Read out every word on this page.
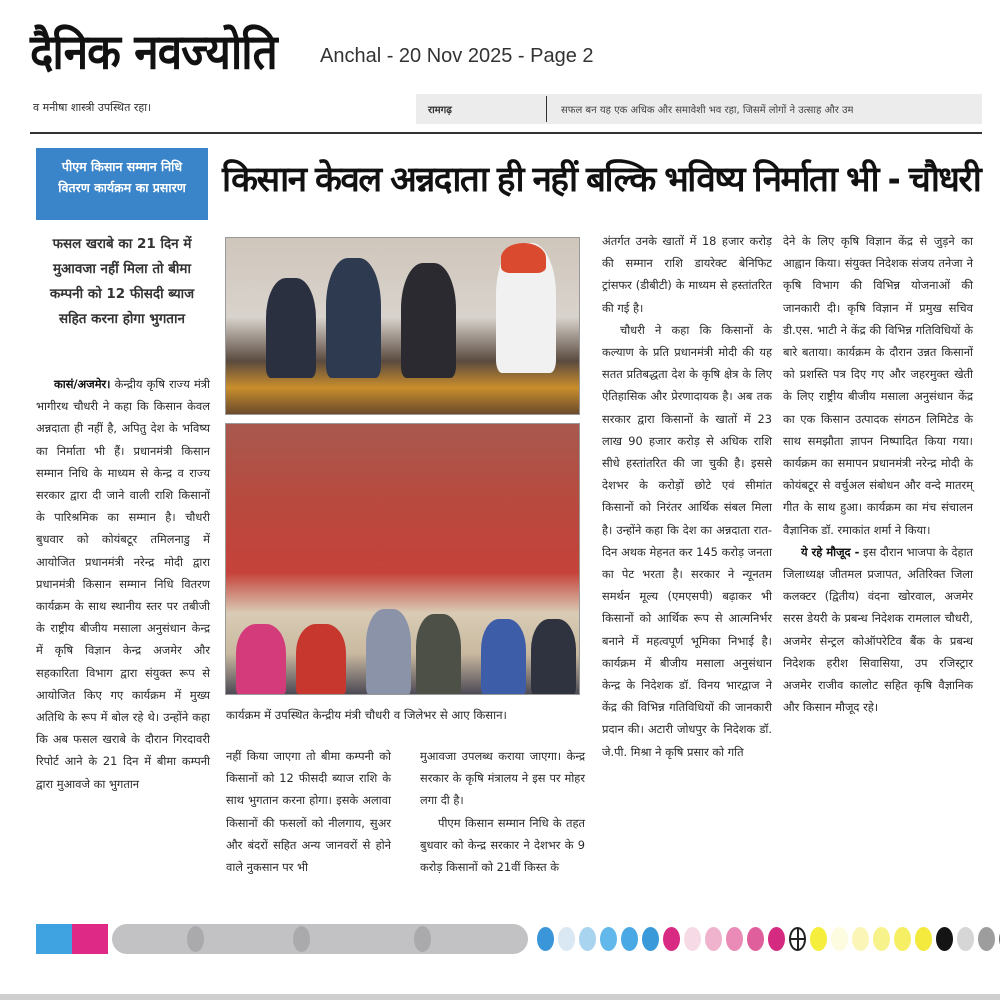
दैनिक नवज्योति Anchal - 20 Nov 2025 - Page 2
व मनीषा शास्त्री उपस्थित रहा।	रामगढ़	सफल बन यह एक अधिक और समावेशी भव रहा, जिसमें लोगों ने उत्साह और उम
पीएम किसान सम्मान निधि
वितरण कार्यक्रम का प्रसारण	किसान केवल अन्नदाता ही नहीं बल्कि भविष्य निर्माता भी - चौधरी
फसल खराबे का 21 दिन में मुआवजा नहीं मिला तो बीमा कम्पनी को 12 फीसदी ब्याज सहित करना होगा भुगतान

कासं/अजमेर। केन्द्रीय कृषि राज्य मंत्री भागीरथ चौधरी ने कहा कि किसान केवल अन्नदाता ही नहीं है, अपितु देश के भविष्य का निर्माता भी हैं। प्रधानमंत्री किसान सम्मान निधि के माध्यम से केन्द्र व राज्य सरकार द्वारा दी जाने वाली राशि किसानों के पारिश्रमिक का सम्मान है। चौधरी बुधवार को कोयंबटूर तमिलनाडु में आयोजित प्रधानमंत्री नरेन्द्र मोदी द्वारा प्रधानमंत्री किसान सम्मान निधि वितरण कार्यक्रम के साथ स्थानीय स्तर पर तबीजी के राष्ट्रीय बीजीय मसाला अनुसंधान केन्द्र में कृषि विज्ञान केन्द्र अजमेर और सहकारिता विभाग द्वारा संयुक्त रूप से आयोजित किए गए कार्यक्रम में मुख्य अतिथि के रूप में बोल रहे थे। उन्होंने कहा कि अब फसल खराबे के दौरान गिरदावरी रिपोर्ट आने के 21 दिन में बीमा कम्पनी द्वारा मुआवजे का भुगतान

कार्यक्रम में उपस्थित केन्द्रीय मंत्री चौधरी व जिलेभर से आए किसान।

नहीं किया जाएगा तो बीमा कम्पनी को किसानों को 12 फीसदी ब्याज राशि के साथ भुगतान करना होगा। इसके अलावा किसानों की फसलों को नीलगाय, सुअर और बंदरों सहित अन्य जानवरों से होने वाले नुकसान पर भी

मुआवजा उपलब्ध कराया जाएगा। केन्द्र सरकार के कृषि मंत्रालय ने इस पर मोहर लगा दी है।

पीएम किसान सम्मान निधि के तहत बुधवार को केन्द्र सरकार ने देशभर के 9 करोड़ किसानों को 21वीं किस्त के

अंतर्गत उनके खातों में 18 हजार करोड़ की सम्मान राशि डायरेक्ट बेनिफिट ट्रांसफर (डीबीटी) के माध्यम से हस्तांतरित की गई है।

चौधरी ने कहा कि किसानों के कल्याण के प्रति प्रधानमंत्री मोदी की यह सतत प्रतिबद्धता देश के कृषि क्षेत्र के लिए ऐतिहासिक और प्रेरणादायक है। अब तक सरकार द्वारा किसानों के खातों में 23 लाख 90 हजार करोड़ से अधिक राशि सीधे हस्तांतरित की जा चुकी है। इससे देशभर के करोड़ों छोटे एवं सीमांत किसानों को निरंतर आर्थिक संबल मिला है। उन्होंने कहा कि देश का अन्नदाता रात-दिन अथक मेहनत कर 145 करोड़ जनता का पेट भरता है। सरकार ने न्यूनतम समर्थन मूल्य (एमएसपी) बढ़ाकर भी किसानों को आर्थिक रूप से आत्मनिर्भर बनाने में महत्वपूर्ण भूमिका निभाई है। कार्यक्रम में बीजीय मसाला अनुसंधान केन्द्र के निदेशक डॉ. विनय भारद्वाज ने केंद्र की विभिन्न गतिविधियों की जानकारी प्रदान की। अटारी जोधपुर के निदेशक डॉ. जे.पी. मिश्रा ने कृषि प्रसार को गति

देने के लिए कृषि विज्ञान केंद्र से जुड़ने का आह्वान किया। संयुक्त निदेशक संजय तनेजा ने कृषि विभाग की विभिन्न योजनाओं की जानकारी दी। कृषि विज्ञान में प्रमुख सचिव डी.एस. भाटी ने केंद्र की विभिन्न गतिविधियों के बारे बताया। कार्यक्रम के दौरान उन्नत किसानों को प्रशस्ति पत्र दिए गए और जहरमुक्त खेती के लिए राष्ट्रीय बीजीय मसाला अनुसंधान केंद्र का एक किसान उत्पादक संगठन लिमिटेड के साथ समझौता ज्ञापन निष्पादित किया गया। कार्यक्रम का समापन प्रधानमंत्री नरेन्द्र मोदी के कोयंबटूर से वर्चुअल संबोधन और वन्दे मातरम् गीत के साथ हुआ। कार्यक्रम का मंच संचालन वैज्ञानिक डॉ. रमाकांत शर्मा ने किया।

ये रहे मौजूद - इस दौरान भाजपा के देहात जिलाध्यक्ष जीतमल प्रजापत, अतिरिक्त जिला कलक्टर (द्वितीय) वंदना खोरवाल, अजमेर सरस डेयरी के प्रबन्ध निदेशक रामलाल चौधरी, अजमेर सेन्ट्रल कोऑपरेटिव बैंक के प्रबन्ध निदेशक हरीश सिवासिया, उप रजिस्ट्रार अजमेर राजीव कालोट सहित कृषि वैज्ञानिक और किसान मौजूद रहे।
